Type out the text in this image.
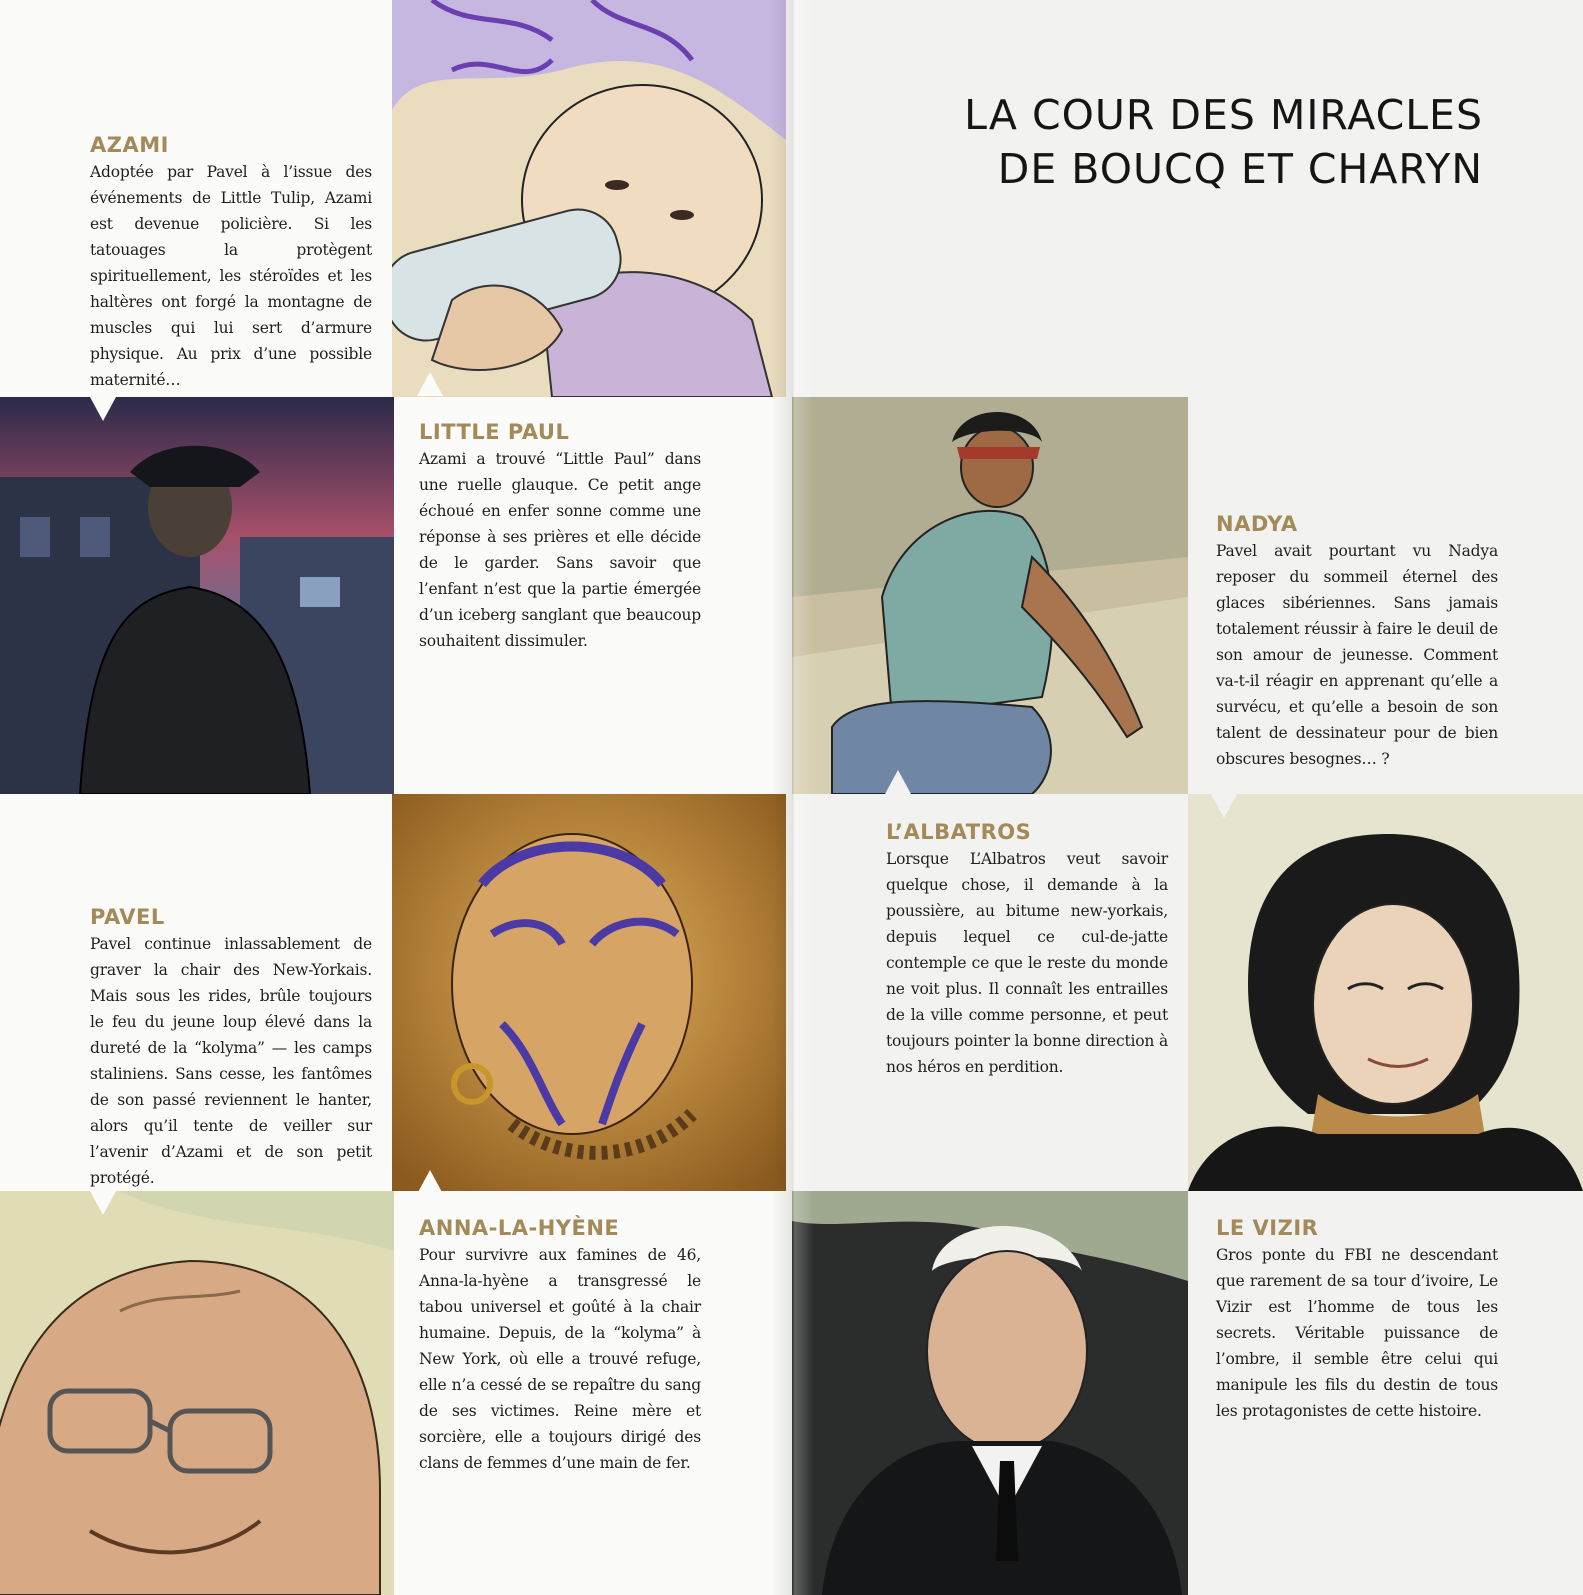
LA COUR DES MIRACLES
DE BOUCQ ET CHARYN
AZAMI

Adoptée par Pavel à l’issue des événements de Little Tulip, Azami est devenue policière. Si les tatouages la protègent spirituellement, les stéroïdes et les haltères ont forgé la montagne de muscles qui lui sert d’armure physique. Au prix d’une possible maternité…

LITTLE PAUL

Azami a trouvé “Little Paul” dans une ruelle glauque. Ce petit ange échoué en enfer sonne comme une réponse à ses prières et elle décide de le garder. Sans savoir que l’enfant n’est que la partie émergée d’un iceberg sanglant que beaucoup souhaitent dissimuler.

NADYA

Pavel avait pourtant vu Nadya reposer du sommeil éternel des glaces sibériennes. Sans jamais totalement réussir à faire le deuil de son amour de jeunesse. Comment va-t-il réagir en apprenant qu’elle a survécu, et qu’elle a besoin de son talent de dessinateur pour de bien obscures besognes… ?

PAVEL

Pavel continue inlassablement de graver la chair des New-Yorkais. Mais sous les rides, brûle toujours le feu du jeune loup élevé dans la dureté de la “kolyma” — les camps staliniens. Sans cesse, les fantômes de son passé reviennent le hanter, alors qu’il tente de veiller sur l’avenir d’Azami et de son petit protégé.

L’ALBATROS

Lorsque L’Albatros veut savoir quelque chose, il demande à la poussière, au bitume new-yorkais, depuis lequel ce cul-de-jatte contemple ce que le reste du monde ne voit plus. Il connaît les entrailles de la ville comme personne, et peut toujours pointer la bonne direction à nos héros en perdition.

ANNA-LA-HYÈNE

Pour survivre aux famines de 46, Anna-la-hyène a transgressé le tabou universel et goûté à la chair humaine. Depuis, de la “kolyma” à New York, où elle a trouvé refuge, elle n’a cessé de se repaître du sang de ses victimes. Reine mère et sorcière, elle a toujours dirigé des clans de femmes d’une main de fer.

LE VIZIR

Gros ponte du FBI ne descendant que rarement de sa tour d’ivoire, Le Vizir est l’homme de tous les secrets. Véritable puissance de l’ombre, il semble être celui qui manipule les fils du destin de tous les protagonistes de cette histoire.
